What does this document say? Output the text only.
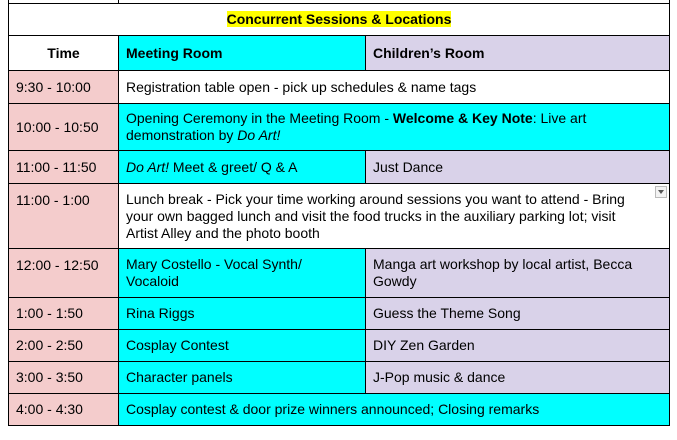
Concurrent Sessions & Locations		
Time	Meeting Room	Children’s Room
9:30 - 10:00	Registration table open - pick up schedules & name tags	
10:00 - 10:50	Opening Ceremony in the Meeting Room - Welcome & Key Note: Live art demonstration by Do Art!	
11:00 - 11:50	Do Art! Meet & greet/ Q & A	Just Dance
11:00 - 1:00	Lunch break - Pick your time working around sessions you want to attend - Bring your own bagged lunch and visit the food trucks in the auxiliary parking lot; visit Artist Alley and the photo booth	

12:00 - 12:50	Mary Costello - Vocal Synth/ Vocaloid	Manga art workshop by local artist, Becca Gowdy
1:00 - 1:50	Rina Riggs	Guess the Theme Song
2:00 - 2:50	Cosplay Contest	DIY Zen Garden
3:00 - 3:50	Character panels	J-Pop music & dance
4:00 - 4:30	Cosplay contest & door prize winners announced; Closing remarks	
